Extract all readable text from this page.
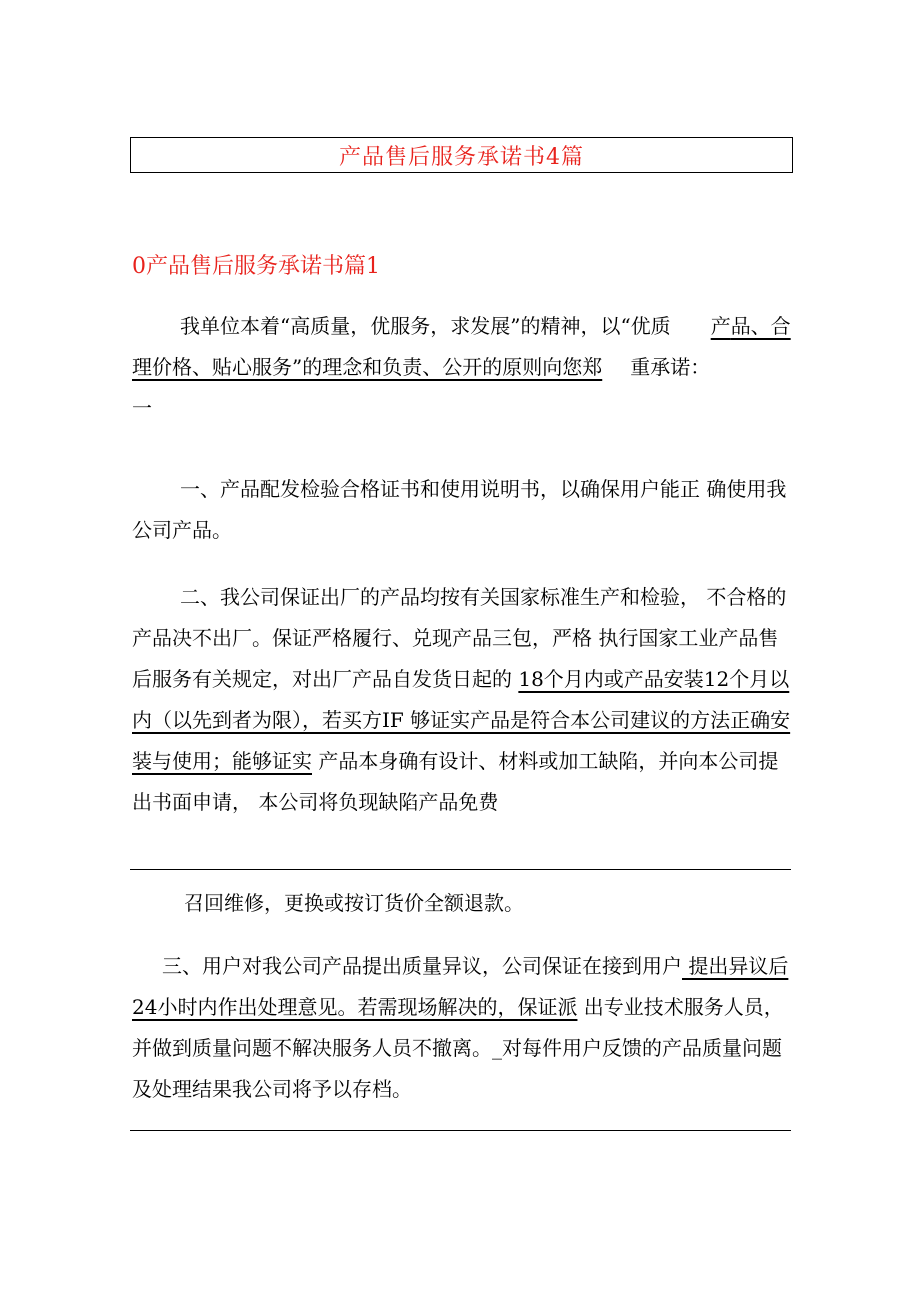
产品售后服务承诺书4篇
0产品售后服务承诺书篇1
我单位本着“高质量，优服务，求发展”的精神，以“优质 产品、合理价格、贴心服务”的理念和负责、公开的原则向您郑 重承诺：
一
一、产品配发检验合格证书和使用说明书，以确保用户能正 确使用我公司产品。
二、我公司保证出厂的产品均按有关国家标准生产和检验， 不合格的产品决不出厂。保证严格履行、兑现产品三包，严格 执行国家工业产品售后服务有关规定，对出厂产品自发货日起的 18个月内或产品安装12个月以内（以先到者为限），若买方IF 够证实产品是符合本公司建议的方法正确安装与使用；能够证实 产品本身确有设计、材料或加工缺陷，并向本公司提出书面申请， 本公司将负现缺陷产品免费
召回维修，更换或按订货价全额退款。
三、用户对我公司产品提出质量异议，公司保证在接到用户 提出异议后24小时内作出处理意见。若需现场解决的，保证派 出专业技术服务人员，并做到质量问题不解决服务人员不撤离。_对每件用户反馈的产品质量问题及处理结果我公司将予以存档。
